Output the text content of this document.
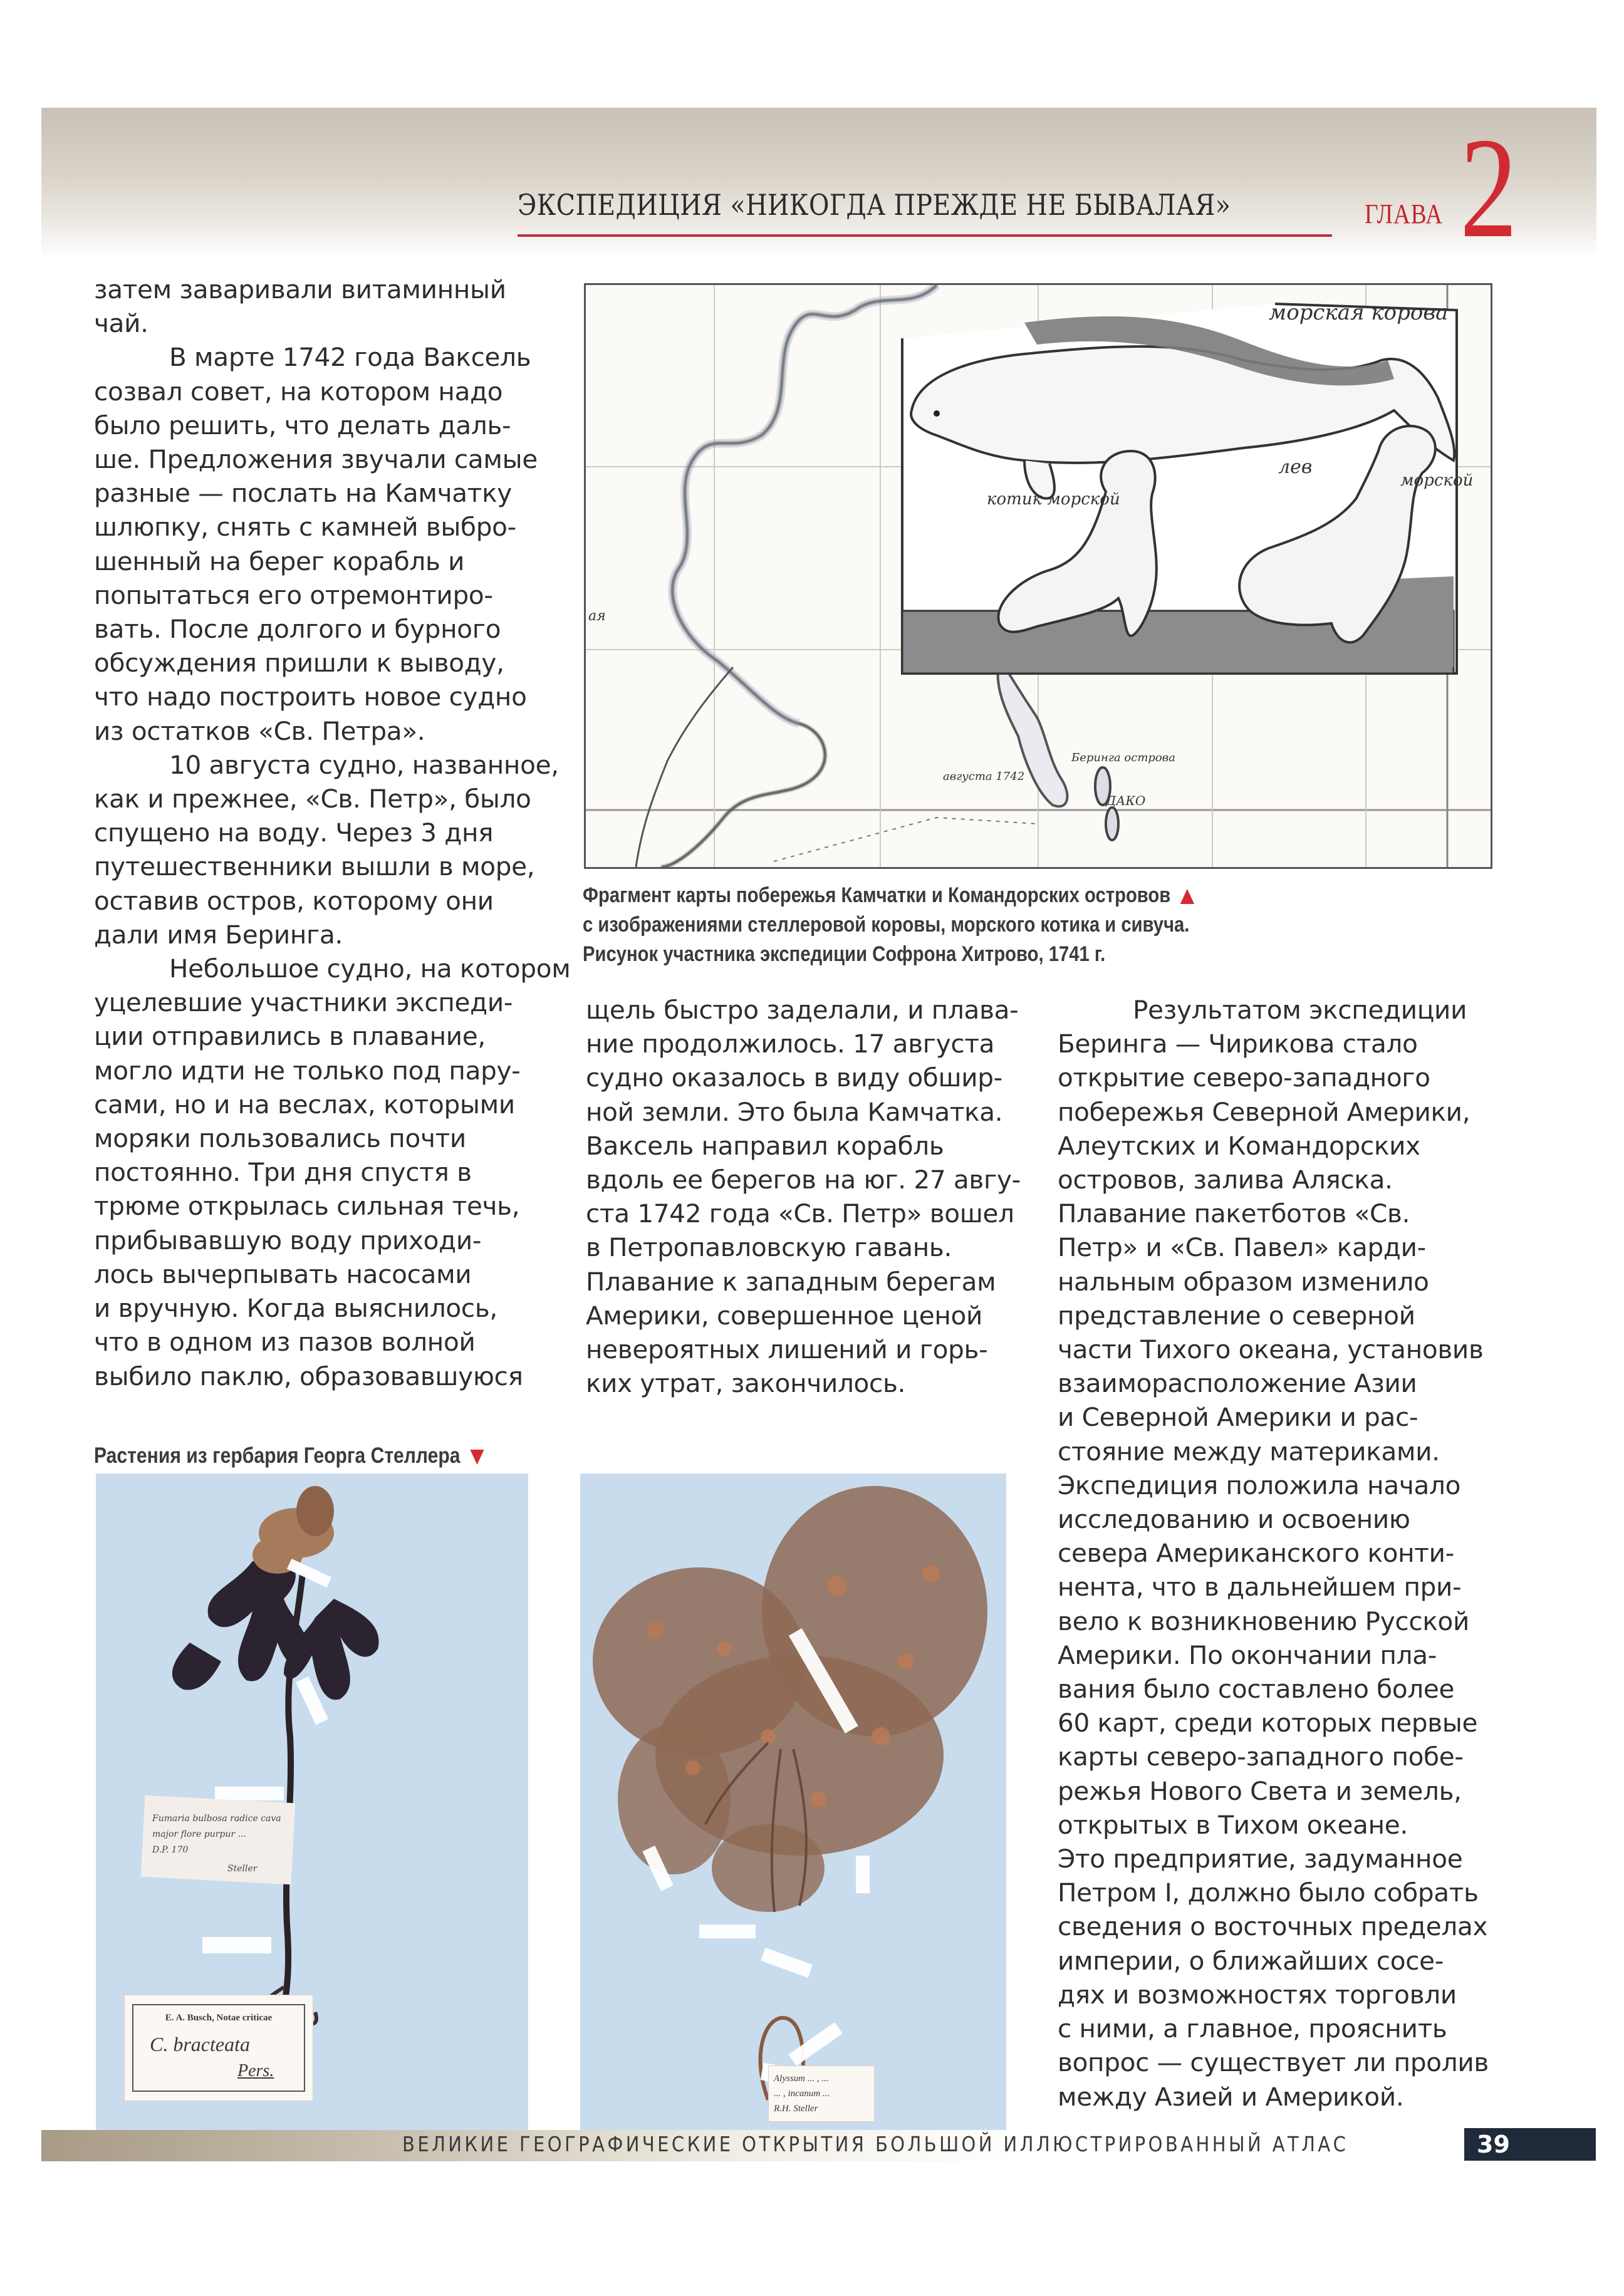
ЭКСПЕДИЦИЯ «НИКОГДА ПРЕЖДЕ НЕ БЫВАЛАЯ»	ГЛАВА 2
затем заваривали витаминный
чай.
В марте 1742 года Ваксель
созвал совет, на котором надо
было решить, что делать даль-
ше. Предложения звучали самые
разные — послать на Камчатку
шлюпку, снять с камней выбро-
шенный на берег корабль и
попытаться его отремонтиро-
вать. После долгого и бурного
обсуждения пришли к выводу,
что надо построить новое судно
из остатков «Св. Петра».
10 августа судно, названное,
как и прежнее, «Св. Петр», было
спущено на воду. Через 3 дня
путешественники вышли в море,
оставив остров, которому они
дали имя Беринга.
Небольшое судно, на котором
уцелевшие участники экспеди-
ции отправились в плавание,
могло идти не только под пару-
сами, но и на веслах, которыми
моряки пользовались почти
постоянно. Три дня спустя в
трюме открылась сильная течь,
прибывавшую воду приходи-
лось вычерпывать насосами
и вручную. Когда выяснилось,
что в одном из пазов волной
выбило паклю, образовавшуюся
морская корова
котик морской
лев
морской
Беринга острова
августа 1742
ДАКО
ая
Фрагмент карты побережья Камчатки и Командорских островов
с изображениями стеллеровой коровы, морского котика и сивуча.
Рисунок участника экспедиции Софрона Хитрово, 1741 г.
щель быстро заделали, и плава-
ние продолжилось. 17 августа
судно оказалось в виду обшир-
ной земли. Это была Камчатка.
Ваксель направил корабль
вдоль ее берегов на юг. 27 авгу-
ста 1742 года «Св. Петр» вошел
в Петропавловскую гавань.
Плавание к западным берегам
Америки, совершенное ценой
невероятных лишений и горь-
ких утрат, закончилось.
Результатом экспедиции
Беринга — Чирикова стало
открытие северо-западного
побережья Северной Америки,
Алеутских и Командорских
островов, залива Аляска.
Плавание пакетботов «Св.
Петр» и «Св. Павел» карди-
нальным образом изменило
представление о северной
части Тихого океана, установив
взаиморасположение Азии
и Северной Америки и рас-
стояние между материками.
Экспедиция положила начало
исследованию и освоению
севера Американского конти-
нента, что в дальнейшем при-
вело к возникновению Русской
Америки. По окончании пла-
вания было составлено более
60 карт, среди которых первые
карты северо-западного побе-
режья Нового Света и земель,
открытых в Тихом океане.
Это предприятие, задуманное
Петром I, должно было собрать
сведения о восточных пределах
империи, о ближайших сосе-
дях и возможностях торговли
с ними, а главное, прояснить
вопрос — существует ли пролив
между Азией и Америкой.
Растения из гербария Георга Стеллера
Fumaria bulbosa radice cava
major flore purpur ...
D.P. 170
Steller
E. A. Busch, Notae criticae
C. bracteata
Pers.	Alyssum ... , ...
... , incanum ...
R.H. Steller
ВЕЛИКИЕ ГЕОГРАФИЧЕСКИЕ ОТКРЫТИЯ БОЛЬШОЙ ИЛЛЮСТРИРОВАННЫЙ АТЛАС	39
